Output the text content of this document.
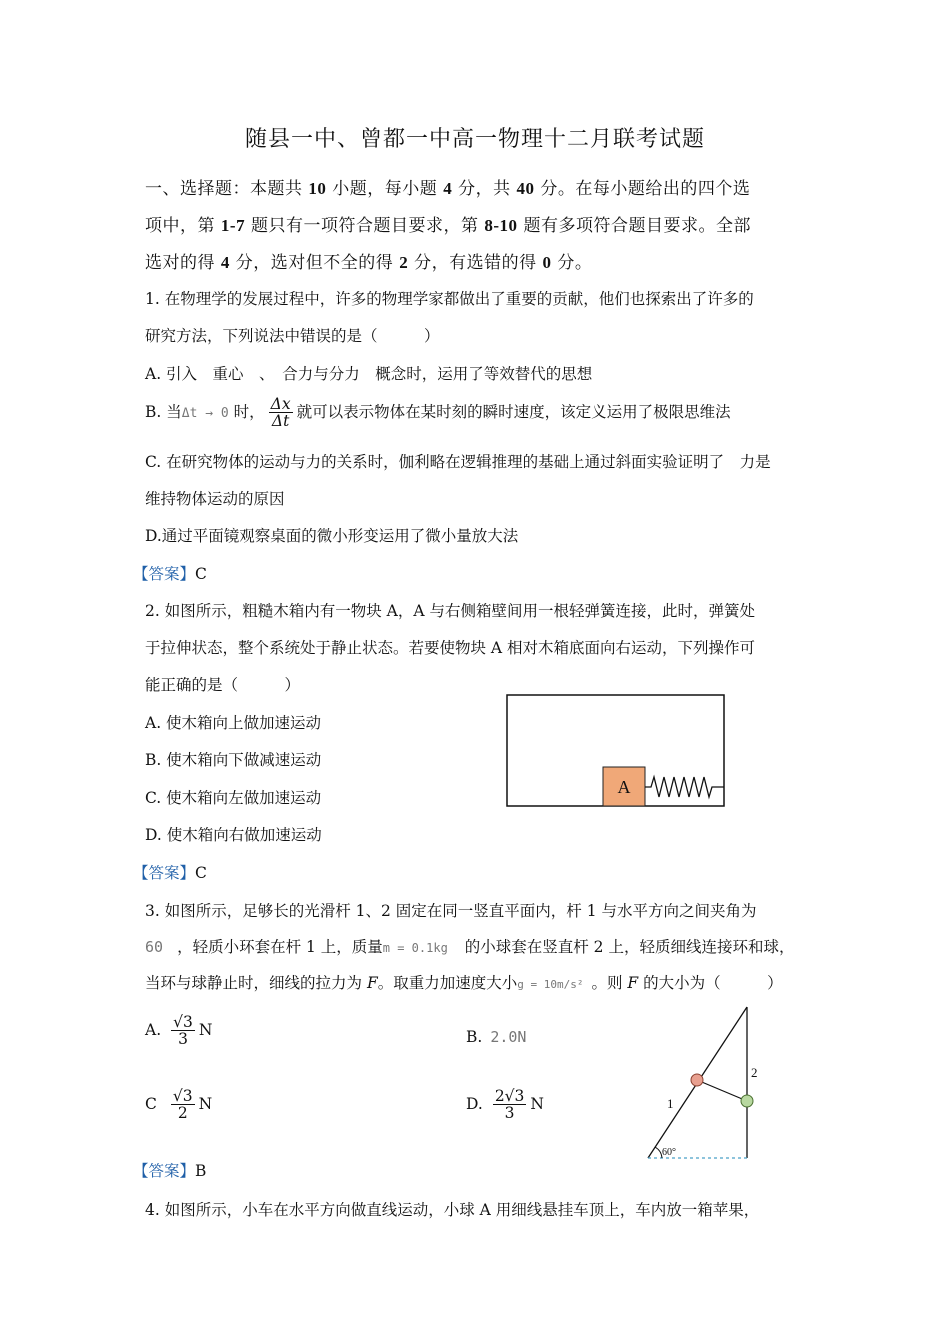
随县一中、曾都一中高一物理十二月联考试题
一、选择题：本题共 10 小题，每小题 4 分，共 40 分。在每小题给出的四个选
项中，第 1-7 题只有一项符合题目要求，第 8-10 题有多项符合题目要求。全部
选对的得 4 分，选对但不全的得 2 分，有选错的得 0 分。
1. 在物理学的发展过程中，许多的物理学家都做出了重要的贡献，他们也探索出了许多的
研究方法，下列说法中错误的是（　　　）
A. 引入　重心　、　合力与分力　概念时，运用了等效替代的思想
B. 当Δt → 0 时， $\frac{\Delta x}{\Delta t}$ 就可以表示物体在某时刻的瞬时速度，该定义运用了极限思维法
C. 在研究物体的运动与力的关系时，伽利略在逻辑推理的基础上通过斜面实验证明了　力是
维持物体运动的原因
D.通过平面镜观察桌面的微小形变运用了微小量放大法
【答案】C
2. 如图所示，粗糙木箱内有一物块 A，A 与右侧箱壁间用一根轻弹簧连接，此时，弹簧处
于拉伸状态，整个系统处于静止状态。若要使物块 A 相对木箱底面向右运动，下列操作可
能正确的是（　　　）
A. 使木箱向上做加速运动
B. 使木箱向下做减速运动
C. 使木箱向左做加速运动
D. 使木箱向右做加速运动
【答案】C
A
3. 如图所示，足够长的光滑杆 1、2 固定在同一竖直平面内，杆 1 与水平方向之间夹角为
60 ，轻质小环套在杆 1 上，质量m = 0.1kg 的小球套在竖直杆 2 上，轻质细线连接环和球，
当环与球静止时，细线的拉力为 F。取重力加速度大小g = 10m/s² 。则 F 的大小为（　　　）
A. $\frac{√3}{3}$ N	B. 2.0N
C $\frac{√3}{2}$ N	D. $\frac{2√3}{3}$ N
【答案】B
60°
1
2
4. 如图所示，小车在水平方向做直线运动，小球 A 用细线悬挂车顶上，车内放一箱苹果，
